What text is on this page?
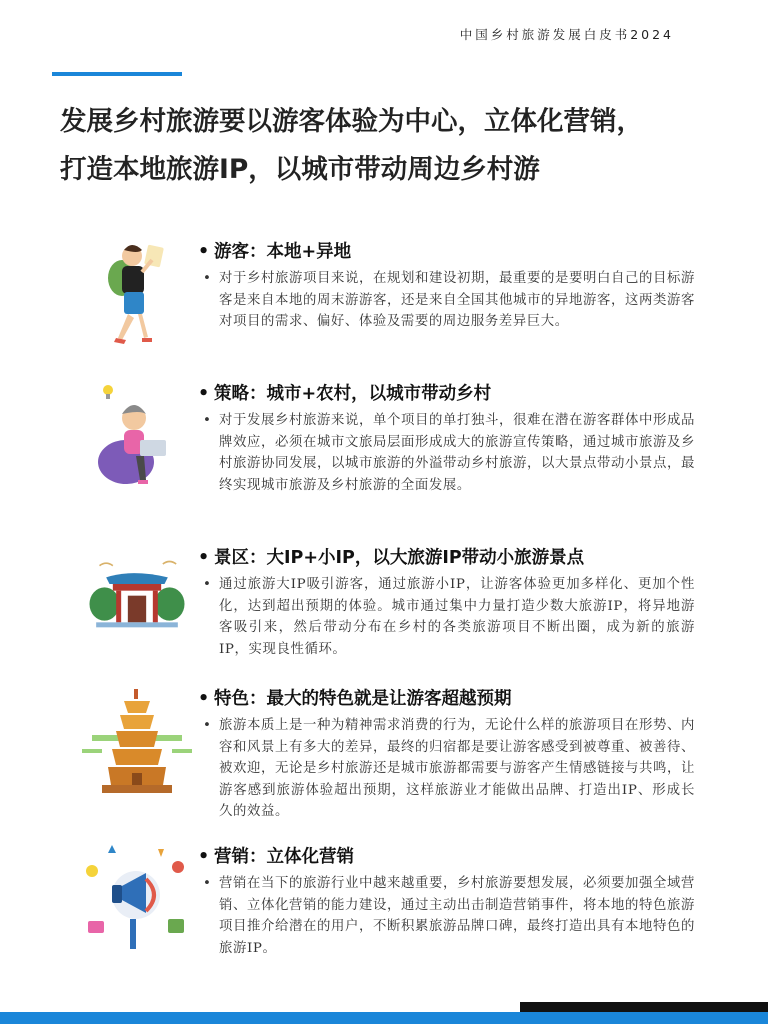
中国乡村旅游发展白皮书2024
发展乡村旅游要以游客体验为中心，立体化营销，
打造本地旅游IP，以城市带动周边乡村游
• 游客：本地+异地
• 对于乡村旅游项目来说，在规划和建设初期，最重要的是要明白自己的目标游客是来自本地的周末游游客，还是来自全国其他城市的异地游客，这两类游客对项目的需求、偏好、体验及需要的周边服务差异巨大。
• 策略：城市+农村，以城市带动乡村
• 对于发展乡村旅游来说，单个项目的单打独斗，很难在潜在游客群体中形成品牌效应，必须在城市文旅局层面形成成大的旅游宣传策略，通过城市旅游及乡村旅游协同发展，以城市旅游的外溢带动乡村旅游，以大景点带动小景点，最终实现城市旅游及乡村旅游的全面发展。
• 景区：大IP+小IP，以大旅游IP带动小旅游景点
• 通过旅游大IP吸引游客，通过旅游小IP，让游客体验更加多样化、更加个性化，达到超出预期的体验。城市通过集中力量打造少数大旅游IP，将异地游客吸引来，然后带动分布在乡村的各类旅游项目不断出圈，成为新的旅游IP，实现良性循环。
• 特色：最大的特色就是让游客超越预期
• 旅游本质上是一种为精神需求消费的行为，无论什么样的旅游项目在形势、内容和风景上有多大的差异，最终的归宿都是要让游客感受到被尊重、被善待、被欢迎，无论是乡村旅游还是城市旅游都需要与游客产生情感链接与共鸣，让游客感到旅游体验超出预期，这样旅游业才能做出品牌、打造出IP、形成长久的效益。
• 营销：立体化营销
• 营销在当下的旅游行业中越来越重要，乡村旅游要想发展，必须要加强全域营销、立体化营销的能力建设，通过主动出击制造营销事件，将本地的特色旅游项目推介给潜在的用户，不断积累旅游品牌口碑，最终打造出具有本地特色的旅游IP。
